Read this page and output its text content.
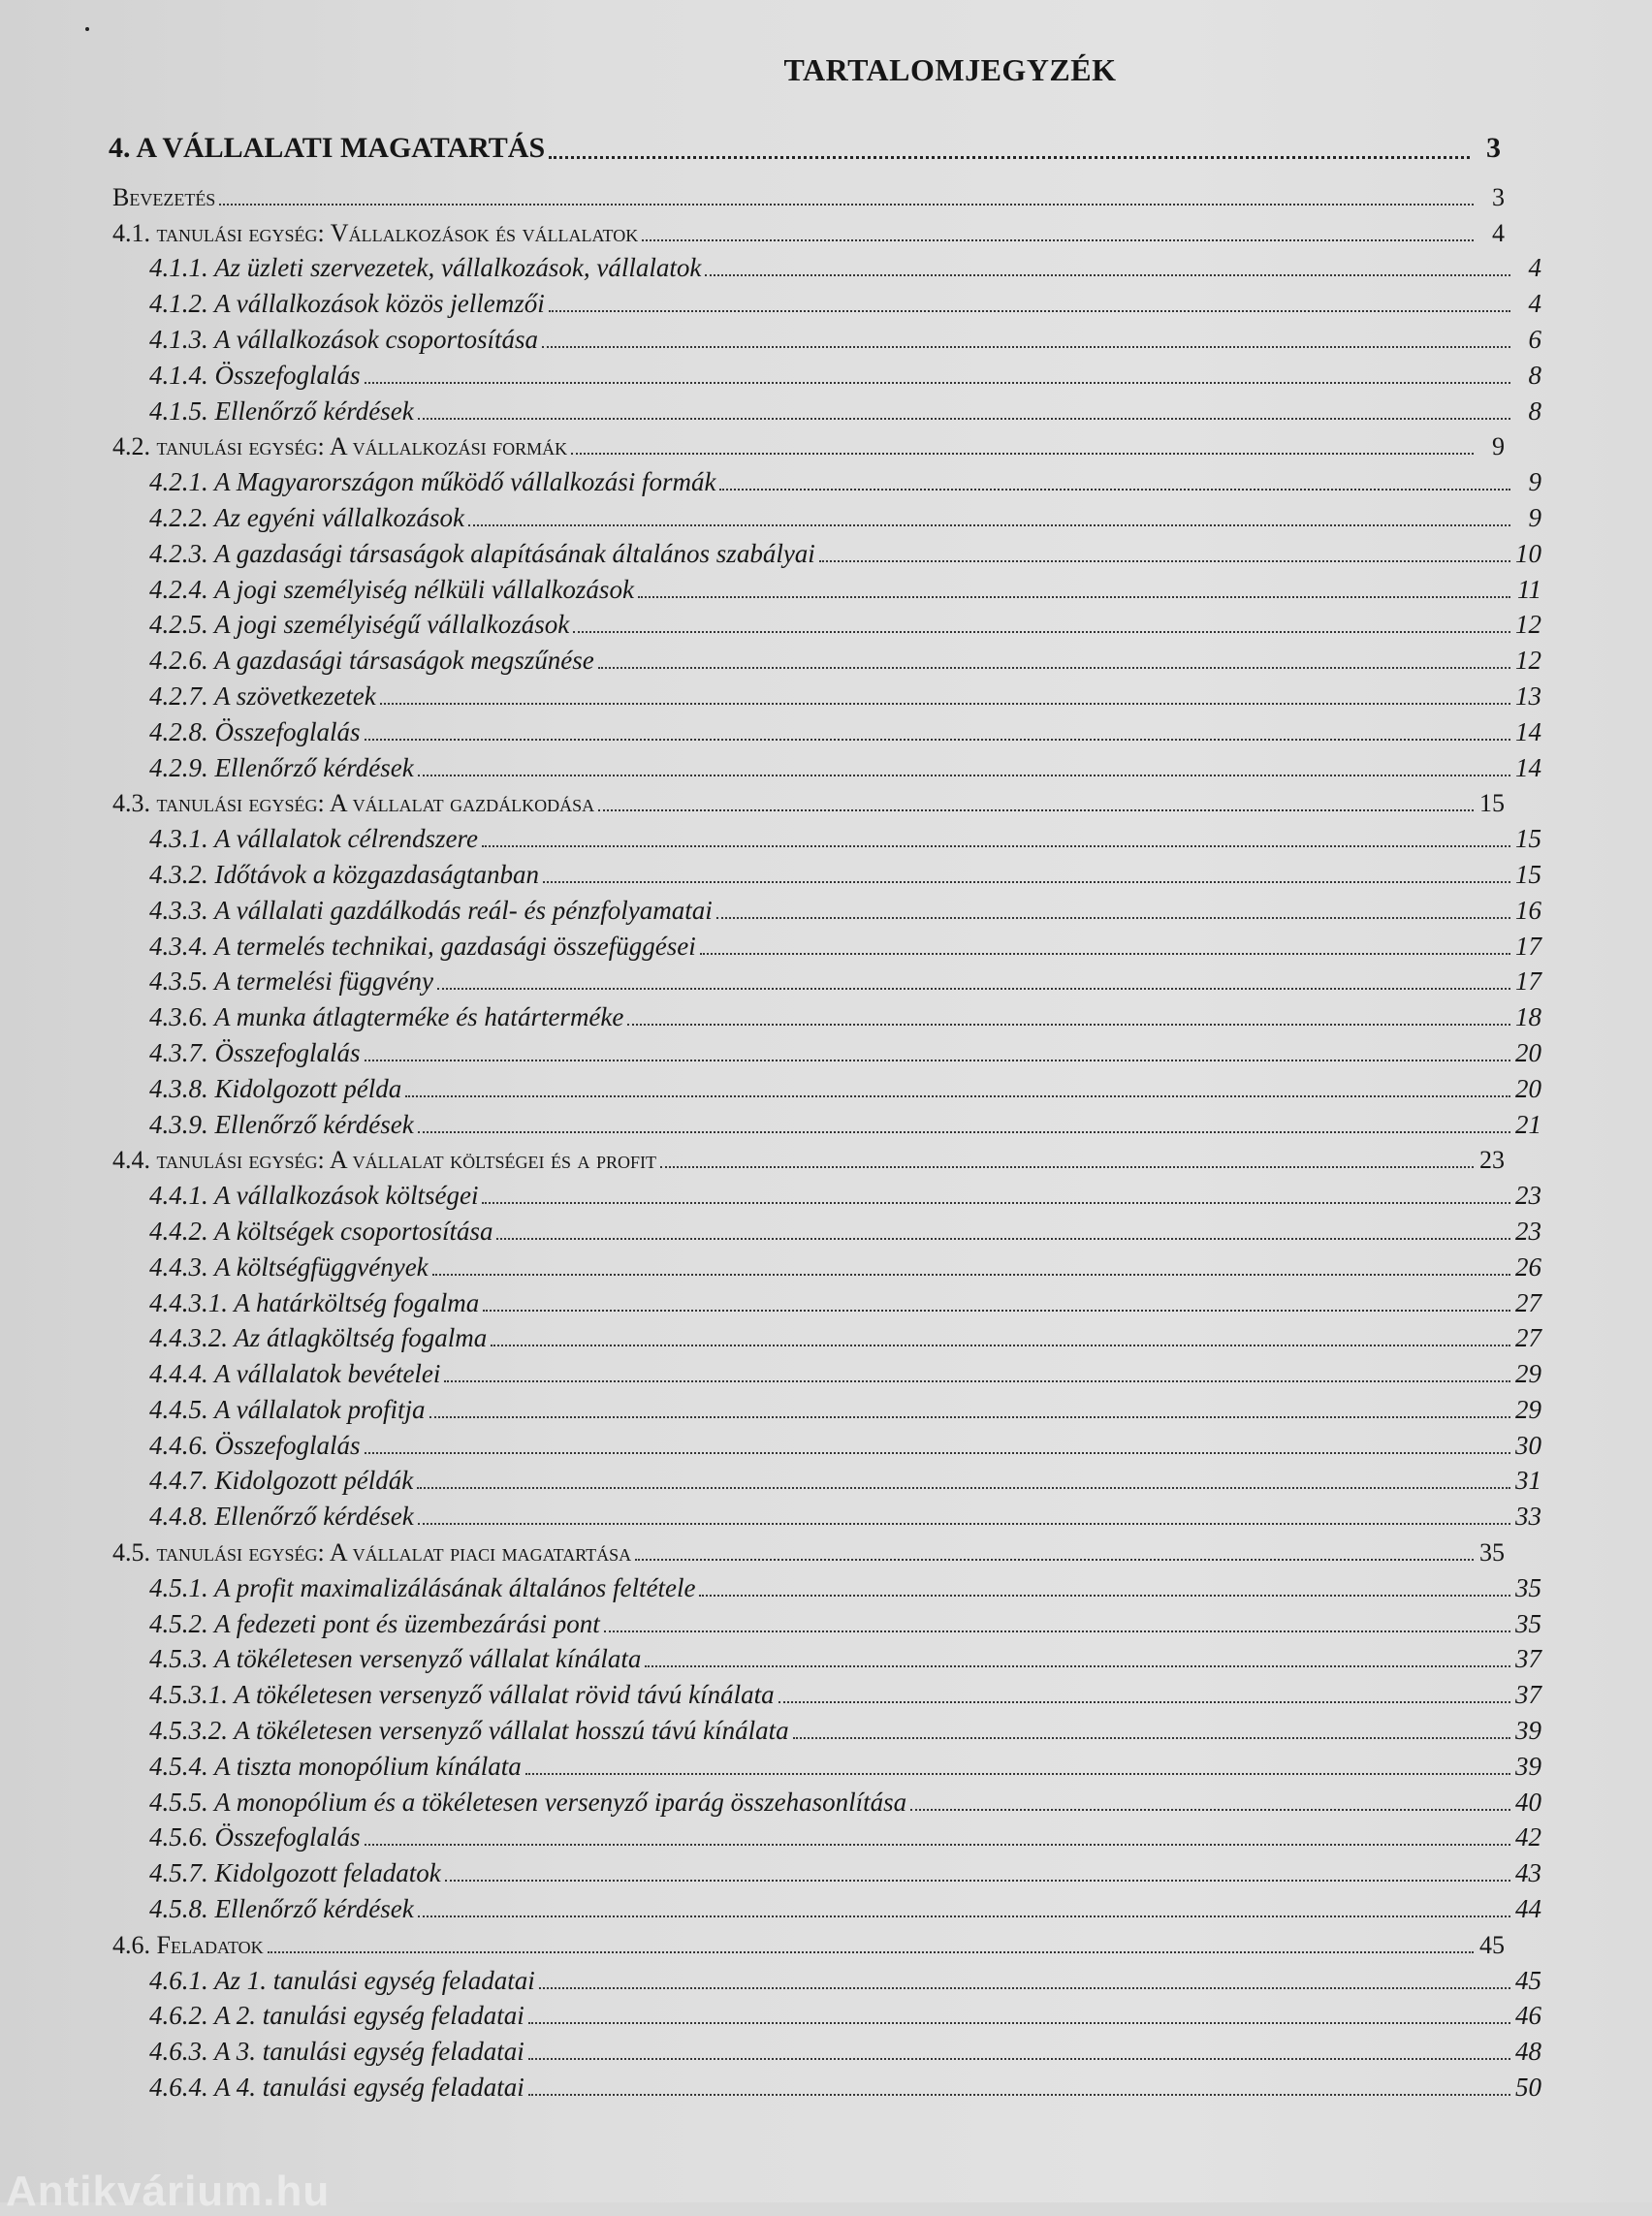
TARTALOMJEGYZÉK
4. A VÁLLALATI MAGATARTÁS	3
Bevezetés	3
4.1. tanulási egység: Vállalkozások és vállalatok	4
4.1.1. Az üzleti szervezetek, vállalkozások, vállalatok	4
4.1.2. A vállalkozások közös jellemzői	4
4.1.3. A vállalkozások csoportosítása	6
4.1.4. Összefoglalás	8
4.1.5. Ellenőrző kérdések	8
4.2. tanulási egység: A vállalkozási formák	9
4.2.1. A Magyarországon működő vállalkozási formák	9
4.2.2. Az egyéni vállalkozások	9
4.2.3. A gazdasági társaságok alapításának általános szabályai	10
4.2.4. A jogi személyiség nélküli vállalkozások	11
4.2.5. A jogi személyiségű vállalkozások	12
4.2.6. A gazdasági társaságok megszűnése	12
4.2.7. A szövetkezetek	13
4.2.8. Összefoglalás	14
4.2.9. Ellenőrző kérdések	14
4.3. tanulási egység: A vállalat gazdálkodása	15
4.3.1. A vállalatok célrendszere	15
4.3.2. Időtávok a közgazdaságtanban	15
4.3.3. A vállalati gazdálkodás reál- és pénzfolyamatai	16
4.3.4. A termelés technikai, gazdasági összefüggései	17
4.3.5. A termelési függvény	17
4.3.6. A munka átlagterméke és határterméke	18
4.3.7. Összefoglalás	20
4.3.8. Kidolgozott példa	20
4.3.9. Ellenőrző kérdések	21
4.4. tanulási egység: A vállalat költségei és a profit	23
4.4.1. A vállalkozások költségei	23
4.4.2. A költségek csoportosítása	23
4.4.3. A költségfüggvények	26
4.4.3.1. A határköltség fogalma	27
4.4.3.2. Az átlagköltség fogalma	27
4.4.4. A vállalatok bevételei	29
4.4.5. A vállalatok profitja	29
4.4.6. Összefoglalás	30
4.4.7. Kidolgozott példák	31
4.4.8. Ellenőrző kérdések	33
4.5. tanulási egység: A vállalat piaci magatartása	35
4.5.1. A profit maximalizálásának általános feltétele	35
4.5.2. A fedezeti pont és üzembezárási pont	35
4.5.3. A tökéletesen versenyző vállalat kínálata	37
4.5.3.1. A tökéletesen versenyző vállalat rövid távú kínálata	37
4.5.3.2. A tökéletesen versenyző vállalat hosszú távú kínálata	39
4.5.4. A tiszta monopólium kínálata	39
4.5.5. A monopólium és a tökéletesen versenyző iparág összehasonlítása	40
4.5.6. Összefoglalás	42
4.5.7. Kidolgozott feladatok	43
4.5.8. Ellenőrző kérdések	44
4.6. Feladatok	45
4.6.1. Az 1. tanulási egység feladatai	45
4.6.2. A 2. tanulási egység feladatai	46
4.6.3. A 3. tanulási egység feladatai	48
4.6.4. A 4. tanulási egység feladatai	50
Antikvárium.hu
